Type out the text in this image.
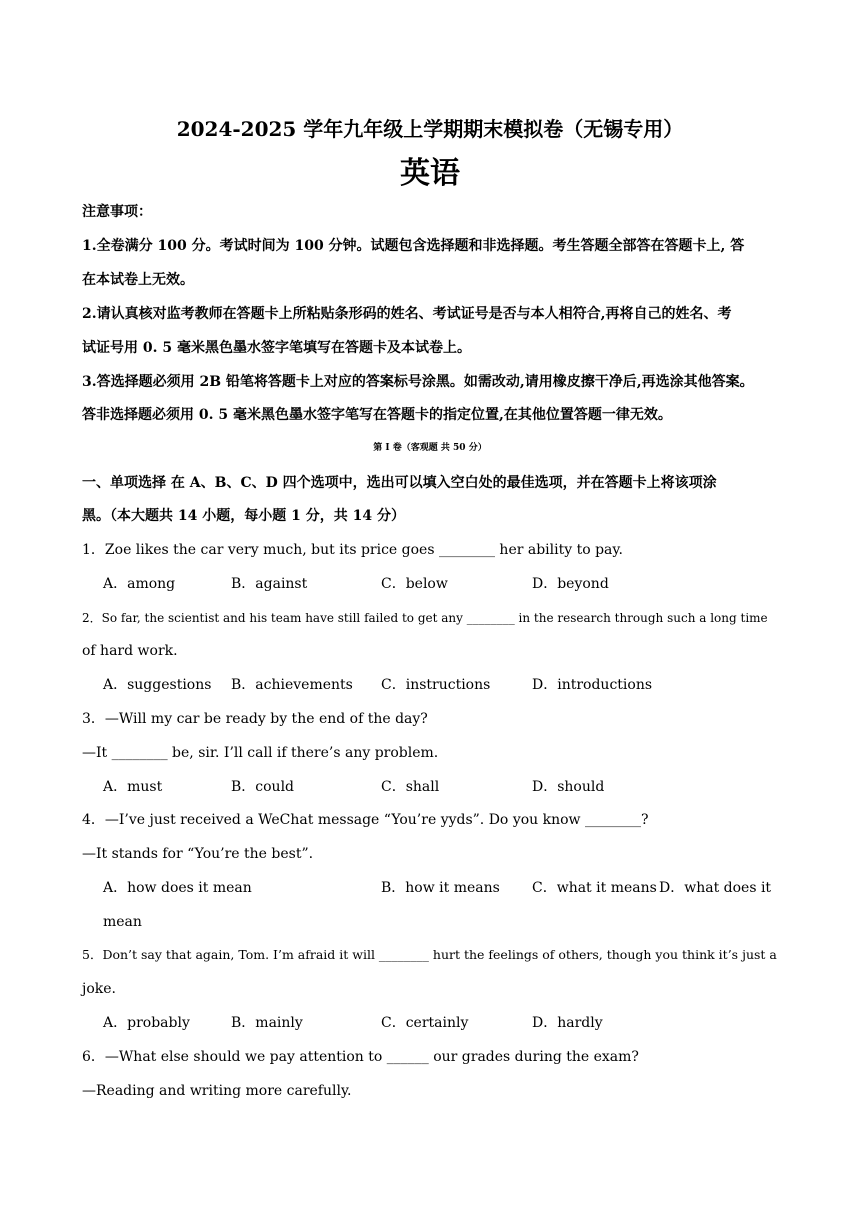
2024-2025 学年九年级上学期期末模拟卷（无锡专用）
英语
注意事项：
1.全卷满分 100 分。考试时间为 100 分钟。试题包含选择题和非选择题。考生答题全部答在答题卡上, 答
在本试卷上无效。
2.请认真核对监考教师在答题卡上所粘贴条形码的姓名、考试证号是否与本人相符合,再将自己的姓名、考
试证号用 0. 5 毫米黑色墨水签字笔填写在答题卡及本试卷上。
3.答选择题必须用 2B 铅笔将答题卡上对应的答案标号涂黑。如需改动,请用橡皮擦干净后,再选涂其他答案。
答非选择题必须用 0. 5 毫米黑色墨水签字笔写在答题卡的指定位置,在其他位置答题一律无效。
第 I 卷（客观题 共 50 分）
一、单项选择 在 A、B、C、D 四个选项中，选出可以填入空白处的最佳选项，并在答题卡上将该项涂
黑。（本大题共 14 小题，每小题 1 分，共 14 分）
1．Zoe likes the car very much, but its price goes ________ her ability to pay.
A．among	B．against	C．below	D．beyond
2．So far, the scientist and his team have still failed to get any ________ in the research through such a long time
of hard work.
A．suggestions B．achievements C．instructions	D．introductions
3．—Will my car be ready by the end of the day?
—It ________ be, sir. I’ll call if there’s any problem.
A．must	B．could	C．shall	D．should
4．—I’ve just received a WeChat message “You’re yyds”. Do you know ________?
—It stands for “You’re the best”.
A．how does it mean	B．how it means C．what it means D．what does it
mean
5．Don’t say that again, Tom. I’m afraid it will ________ hurt the feelings of others, though you think it’s just a
joke.
A．probably	B．mainly	C．certainly	D．hardly
6．—What else should we pay attention to ______ our grades during the exam?
—Reading and writing more carefully.
